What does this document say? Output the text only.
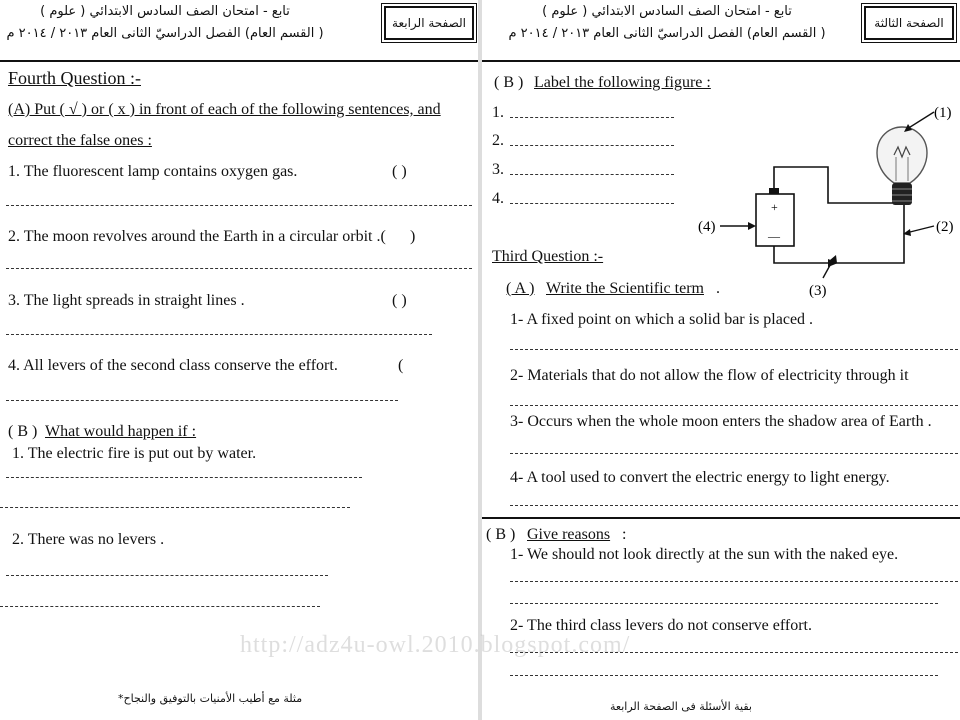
تابع - امتحان الصف السادس الابتدائي ( علوم )
( القسم العام) الفصل الدراسيّ الثانى العام ٢٠١٣ / ٢٠١٤ م
الصفحة الرابعة
Fourth Question :-
(A) Put ( √ ) or ( x ) in front of each of the following sentences, and
correct the false ones :
1. The fluorescent lamp contains oxygen gas.	( )
2. The moon revolves around the Earth in a circular orbit .( )
3. The light spreads in straight lines .	( )
4. All levers of the second class conserve the effort.	(
( B ) What would happen if :
1. The electric fire is put out by water.
2. There was no levers .
مثلة مع أطيب الأمنيات بالتوفيق والنجاح*
تابع - امتحان الصف السادس الابتدائي ( علوم )
( القسم العام) الفصل الدراسيّ الثانى العام ٢٠١٣ / ٢٠١٤ م
الصفحة الثالثة
( B ) Label the following figure :
1.
2.
3.
4.	+
—
(1)
(2)
(3)
(4)
Third Question :-
( A ) Write the Scientific term .
1- A fixed point on which a solid bar is placed .
2- Materials that do not allow the flow of electricity through it
3- Occurs when the whole moon enters the shadow area of Earth .
4- A tool used to convert the electric energy to light energy.
( B ) Give reasons :
1- We should not look directly at the sun with the naked eye.
2- The third class levers do not conserve effort.
بقية الأسئلة فى الصفحة الرابعة
http://adz4u-owl.2010.blogspot.com/
